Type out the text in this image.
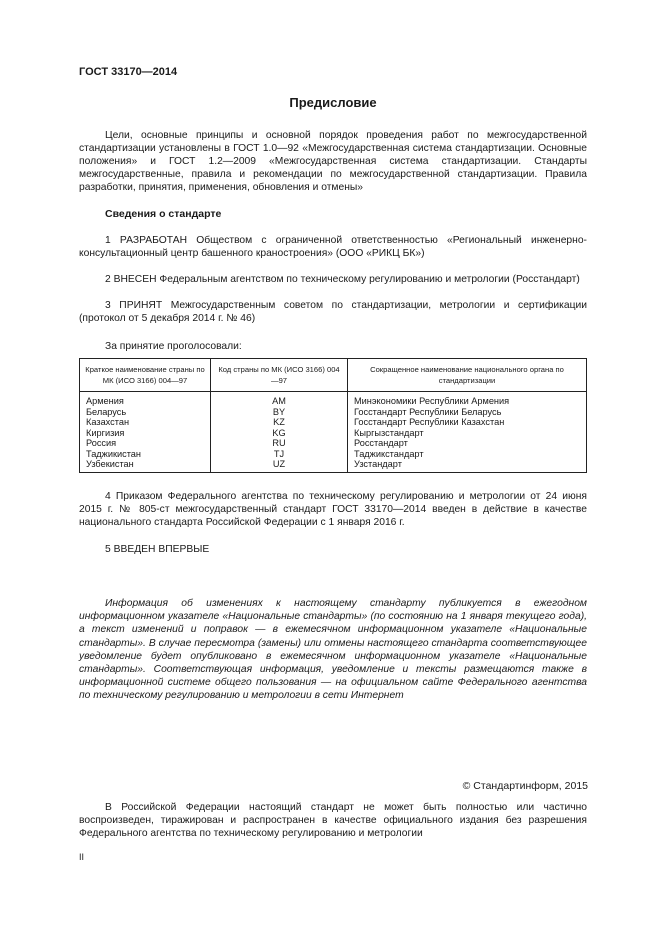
ГОСТ 33170—2014
Предисловие

Цели, основные принципы и основной порядок проведения работ по межгосударственной стандартизации установлены в ГОСТ 1.0—92 «Межгосударственная система стандартизации. Основные положения» и ГОСТ 1.2—2009 «Межгосударственная система стандартизации. Стандарты межгосударственные, правила и рекомендации по межгосударственной стандартизации. Правила разработки, принятия, применения, обновления и отмены»

Сведения о стандарте

1 РАЗРАБОТАН Обществом с ограниченной ответственностью «Региональный инженерно-консультационный центр башенного краностроения» (ООО «РИКЦ БК»)

2 ВНЕСЕН Федеральным агентством по техническому регулированию и метрологии (Росстандарт)

3 ПРИНЯТ Межгосударственным советом по стандартизации, метрологии и сертификации (протокол от 5 декабря 2014 г. № 46)

За принятие проголосовали:
Краткое наименование страны по МК (ИСО 3166) 004—97	Код страны по МК (ИСО 3166) 004—97	Сокращенное наименование национального органа по стандартизации
Армения	AM	Минэкономики Республики Армения
Беларусь	BY	Госстандарт Республики Беларусь
Казахстан	KZ	Госстандарт Республики Казахстан
Киргизия	KG	Кыргызстандарт
Россия	RU	Росстандарт
Таджикистан	TJ	Таджикстандарт
Узбекистан	UZ	Узстандарт

4 Приказом Федерального агентства по техническому регулированию и метрологии от 24 июня 2015 г. № 805-ст межгосударственный стандарт ГОСТ 33170—2014 введен в действие в качестве национального стандарта Российской Федерации с 1 января 2016 г.

5 ВВЕДЕН ВПЕРВЫЕ

Информация об изменениях к настоящему стандарту публикуется в ежегодном информационном указателе «Национальные стандарты» (по состоянию на 1 января текущего года), а текст изменений и поправок — в ежемесячном информационном указателе «Национальные стандарты». В случае пересмотра (замены) или отмены настоящего стандарта соответствующее уведомление будет опубликовано в ежемесячном информационном указателе «Национальные стандарты». Соответствующая информация, уведомление и тексты размещаются также в информационной системе общего пользования — на официальном сайте Федерального агентства по техническому регулированию и метрологии в сети Интернет

© Стандартинформ, 2015

В Российской Федерации настоящий стандарт не может быть полностью или частично воспроизведен, тиражирован и распространен в качестве официального издания без разрешения Федерального агентства по техническому регулированию и метрологии

II
